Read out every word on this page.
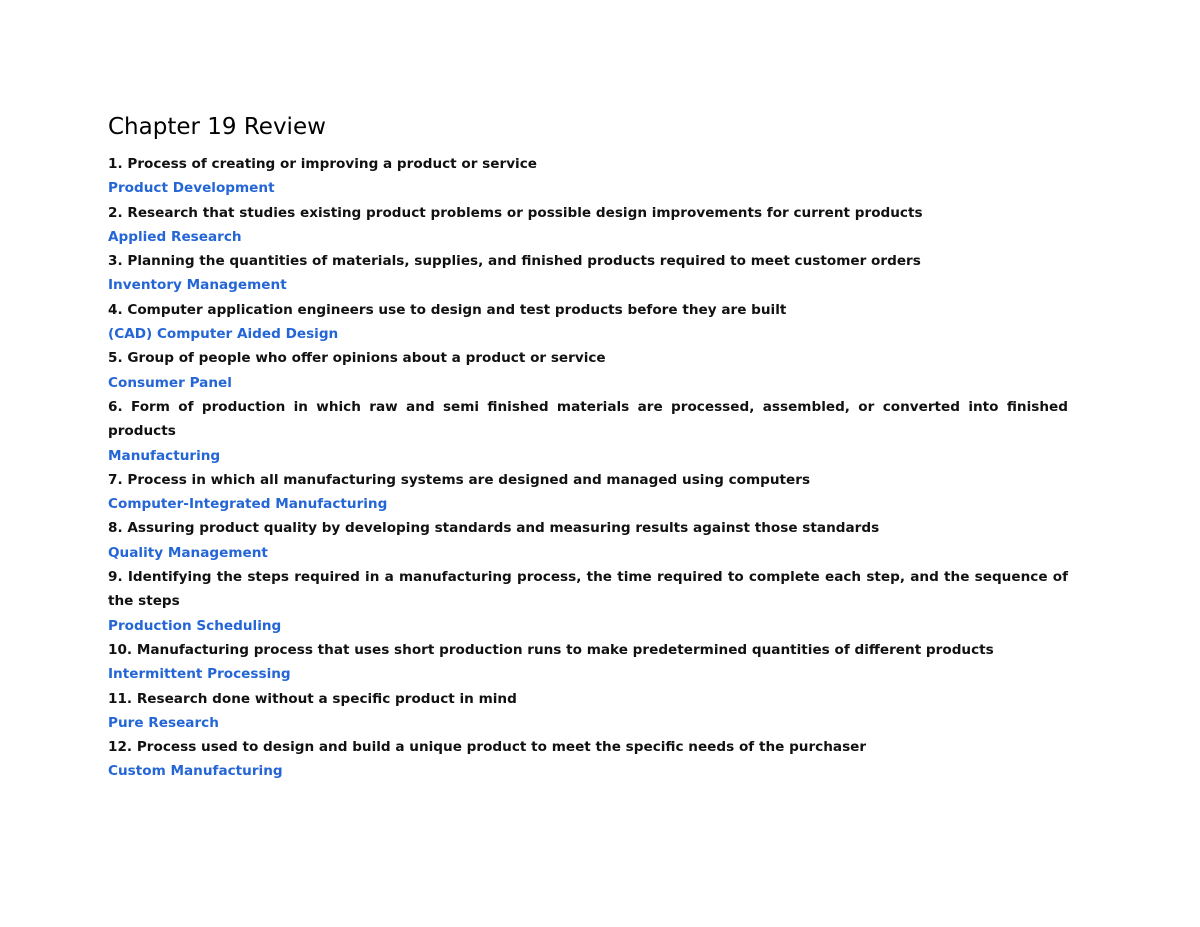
Chapter 19 Review
1. Process of creating or improving a product or service
Product Development
2. Research that studies existing product problems or possible design improvements for current products
Applied Research
3. Planning the quantities of materials, supplies, and finished products required to meet customer orders
Inventory Management
4. Computer application engineers use to design and test products before they are built
(CAD) Computer Aided Design
5. Group of people who offer opinions about a product or service
Consumer Panel
6. Form of production in which raw and semi finished materials are processed, assembled, or converted into finished products
Manufacturing
7. Process in which all manufacturing systems are designed and managed using computers
Computer-Integrated Manufacturing
8. Assuring product quality by developing standards and measuring results against those standards
Quality Management
9. Identifying the steps required in a manufacturing process, the time required to complete each step, and the sequence of the steps
Production Scheduling
10. Manufacturing process that uses short production runs to make predetermined quantities of different products
Intermittent Processing
11. Research done without a specific product in mind
Pure Research
12. Process used to design and build a unique product to meet the specific needs of the purchaser
Custom Manufacturing
